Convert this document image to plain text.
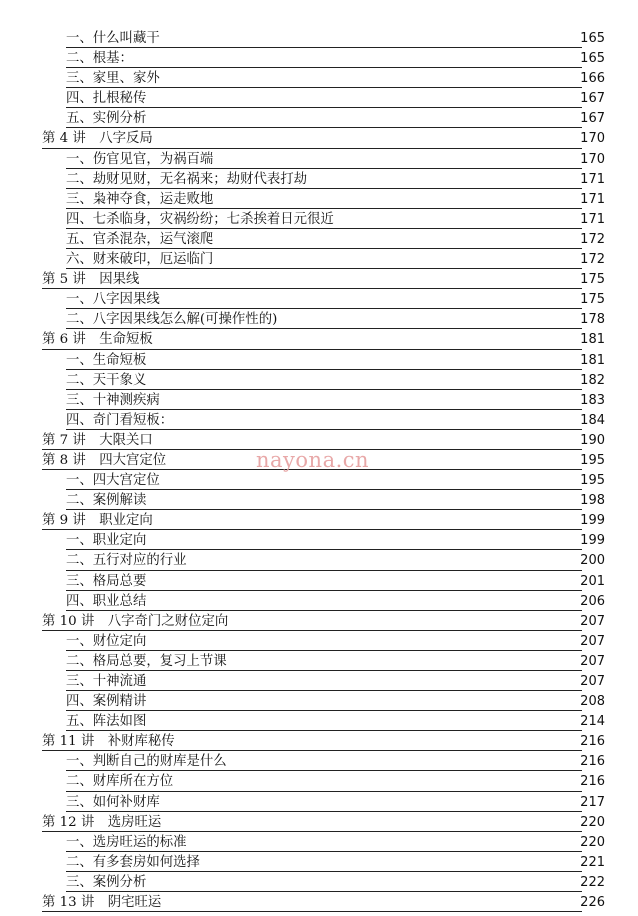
一、什么叫藏干	165
二、根基：	165
三、家里、家外	166
四、扎根秘传	167
五、实例分析	167
第 4 讲　八字反局	170
一、伤官见官，为祸百端	170
二、劫财见财，无名祸来；劫财代表打劫	171
三、枭神夺食，运走败地	171
四、七杀临身，灾祸纷纷；七杀挨着日元很近	171
五、官杀混杂，运气滚爬	172
六、财来破印，厄运临门	172
第 5 讲　因果线	175
一、八字因果线	175
二、八字因果线怎么解(可操作性的)	178
第 6 讲　生命短板	181
一、生命短板	181
二、天干象义	182
三、十神测疾病	183
四、奇门看短板：	184
第 7 讲　大限关口	190
第 8 讲　四大宫定位	195
一、四大宫定位	195
二、案例解读	198
第 9 讲　职业定向	199
一、职业定向	199
二、五行对应的行业	200
三、格局总要	201
四、职业总结	206
第 10 讲　八字奇门之财位定向	207
一、财位定向	207
二、格局总要，复习上节课	207
三、十神流通	207
四、案例精讲	208
五、阵法如图	214
第 11 讲　补财库秘传	216
一、判断自己的财库是什么	216
二、财库所在方位	216
三、如何补财库	217
第 12 讲　选房旺运	220
一、选房旺运的标准	220
二、有多套房如何选择	221
三、案例分析	222
第 13 讲　阴宅旺运	226
nayona.cn
